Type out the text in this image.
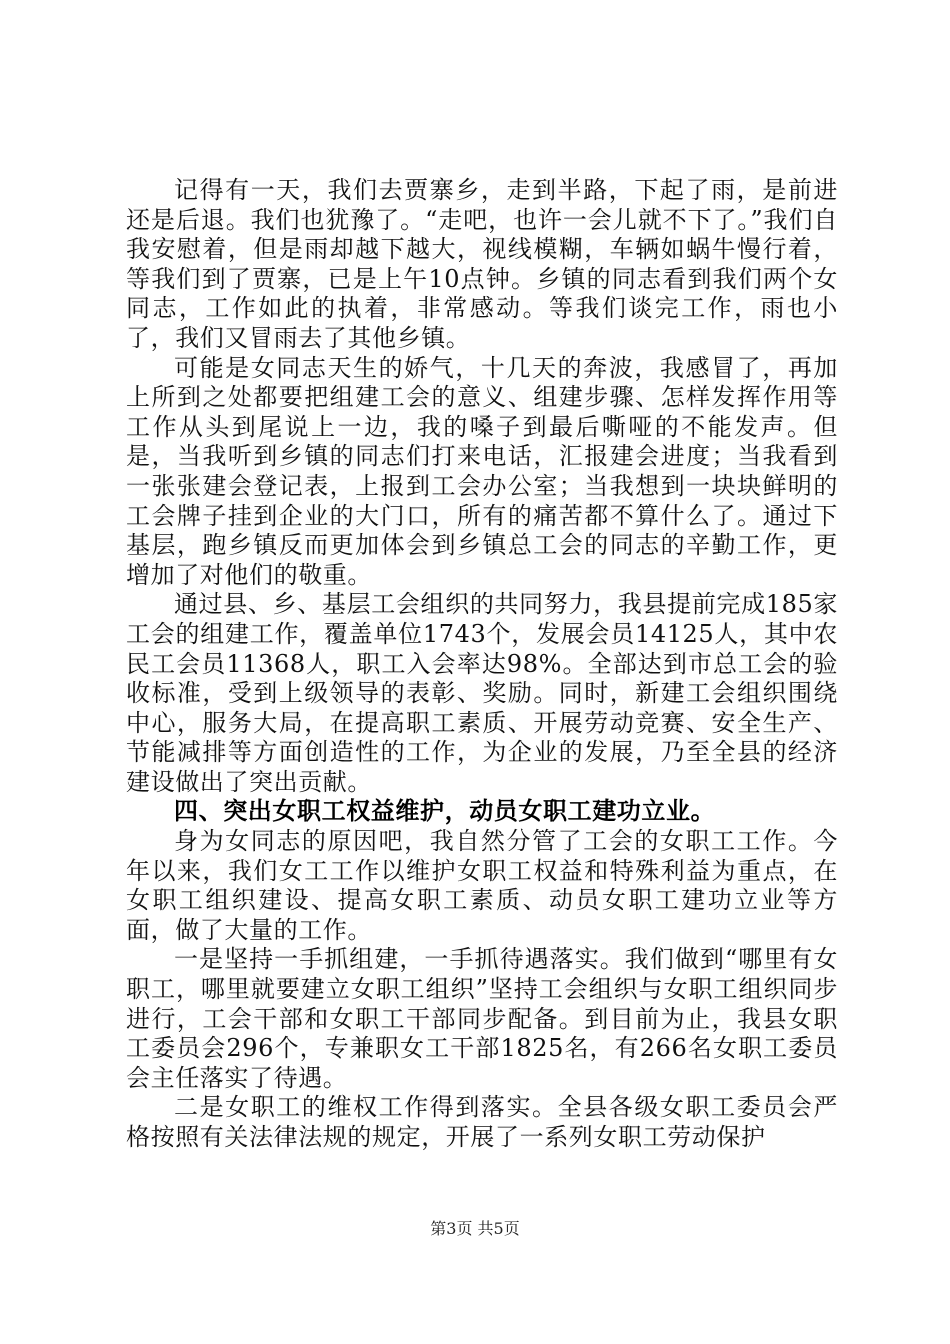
记得有一天，我们去贾寨乡，走到半路，下起了雨，是前进还是后退。我们也犹豫了。“走吧，也许一会儿就不下了。”我们自我安慰着，但是雨却越下越大，视线模糊，车辆如蜗牛慢行着，等我们到了贾寨，已是上午10点钟。乡镇的同志看到我们两个女同志，工作如此的执着，非常感动。等我们谈完工作，雨也小了，我们又冒雨去了其他乡镇。

可能是女同志天生的娇气，十几天的奔波，我感冒了，再加上所到之处都要把组建工会的意义、组建步骤、怎样发挥作用等工作从头到尾说上一边，我的嗓子到最后嘶哑的不能发声。但是，当我听到乡镇的同志们打来电话，汇报建会进度；当我看到一张张建会登记表，上报到工会办公室；当我想到一块块鲜明的工会牌子挂到企业的大门口，所有的痛苦都不算什么了。通过下基层，跑乡镇反而更加体会到乡镇总工会的同志的辛勤工作，更增加了对他们的敬重。

通过县、乡、基层工会组织的共同努力，我县提前完成185家工会的组建工作，覆盖单位1743个，发展会员14125人，其中农民工会员11368人，职工入会率达98%。全部达到市总工会的验收标准，受到上级领导的表彰、奖励。同时，新建工会组织围绕中心，服务大局，在提高职工素质、开展劳动竞赛、安全生产、节能减排等方面创造性的工作，为企业的发展，乃至全县的经济建设做出了突出贡献。

四、突出女职工权益维护，动员女职工建功立业。

身为女同志的原因吧，我自然分管了工会的女职工工作。今年以来，我们女工工作以维护女职工权益和特殊利益为重点，在女职工组织建设、提高女职工素质、动员女职工建功立业等方面，做了大量的工作。

一是坚持一手抓组建，一手抓待遇落实。我们做到“哪里有女职工，哪里就要建立女职工组织”坚持工会组织与女职工组织同步进行，工会干部和女职工干部同步配备。到目前为止，我县女职工委员会296个，专兼职女工干部1825名，有266名女职工委员会主任落实了待遇。

二是女职工的维权工作得到落实。全县各级女职工委员会严格按照有关法律法规的规定，开展了一系列女职工劳动保护

第3页 共5页
